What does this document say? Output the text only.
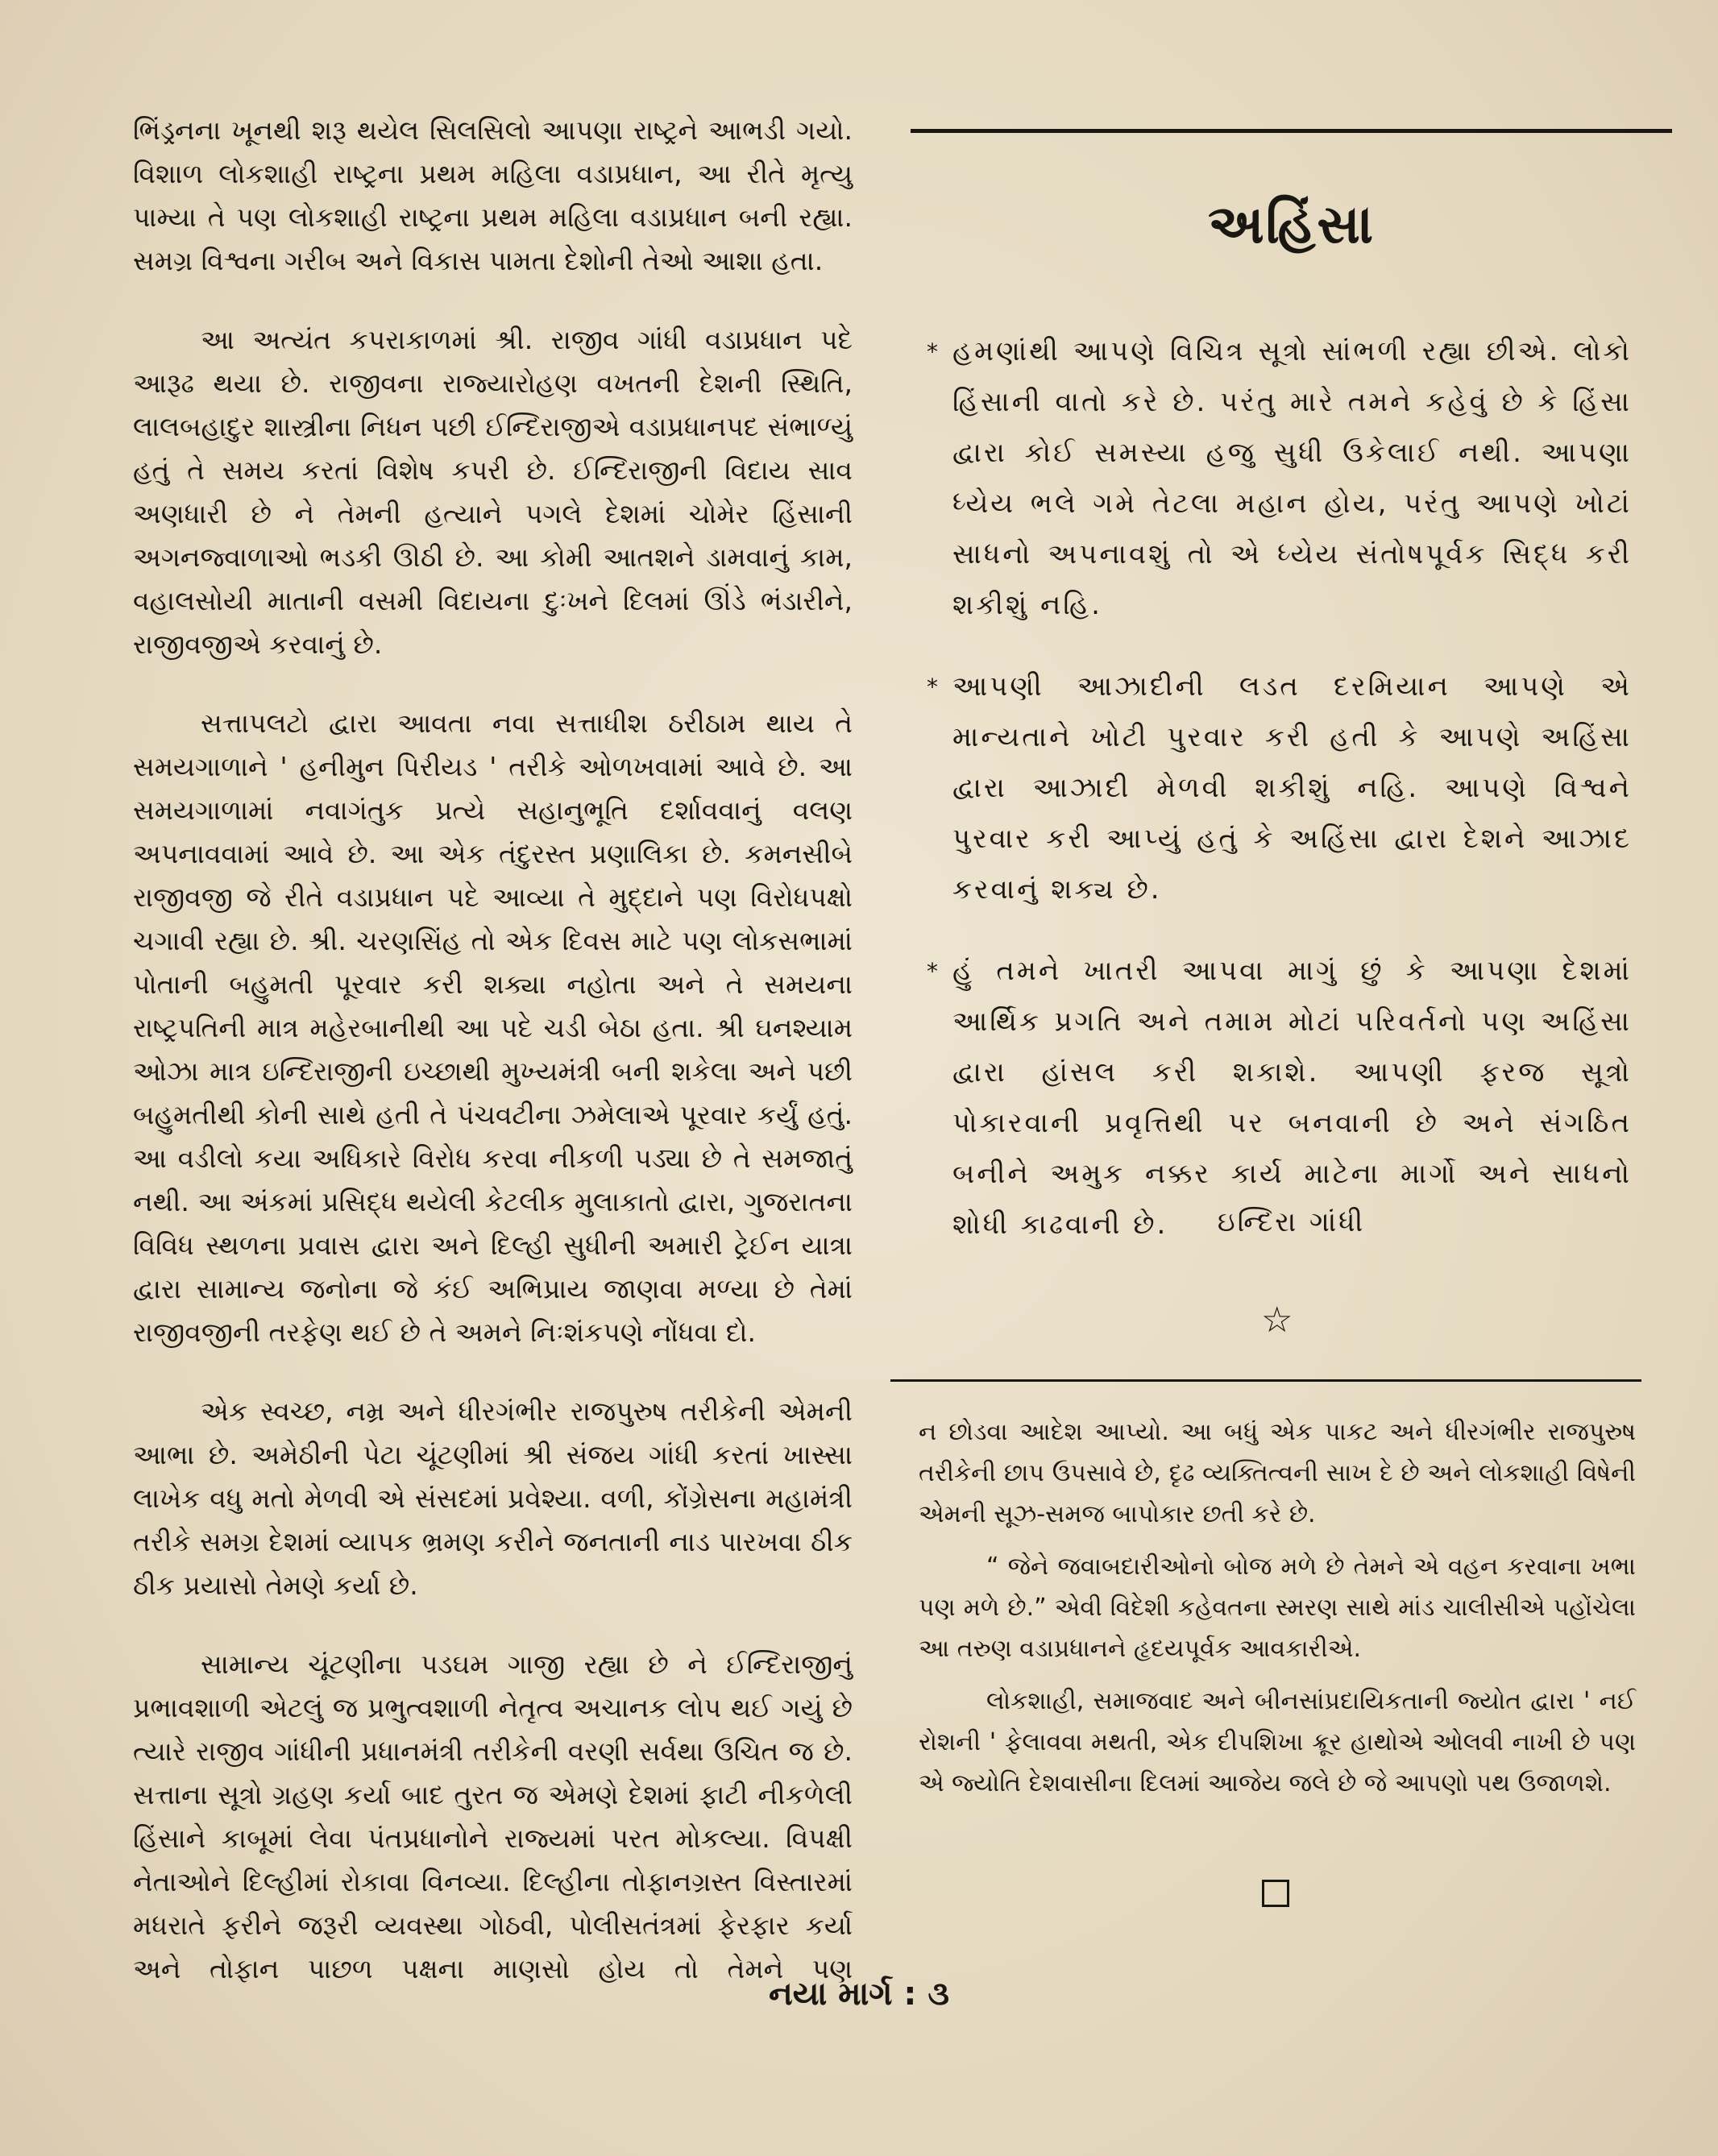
ભિંડ્રનના ખૂનથી શરૂ થયેલ સિલસિલો આપણા રાષ્ટ્રને આભડી ગયો. વિશાળ લોકશાહી રાષ્ટ્રના પ્રથમ મહિલા વડાપ્રધાન, આ રીતે મૃત્યુ પામ્યા તે પણ લોકશાહી રાષ્ટ્રના પ્રથમ મહિલા વડાપ્રધાન બની રહ્યા. સમગ્ર વિશ્વના ગરીબ અને વિકાસ પામતા દેશોની તેઓ આશા હતા.

આ અત્યંત કપરાકાળમાં શ્રી. રાજીવ ગાંધી વડાપ્રધાન પદે આરૂઢ થયા છે. રાજીવના રાજ્યારોહણ વખતની દેશની સ્થિતિ, લાલબહાદુર શાસ્ત્રીના નિધન પછી ઈન્દિરાજીએ વડાપ્રધાનપદ સંભાળ્યું હતું તે સમય કરતાં વિશેષ કપરી છે. ઈન્દિરાજીની વિદાય સાવ અણધારી છે ને તેમની હત્યાને પગલે દેશમાં ચોમેર હિંસાની અગનજ્વાળાઓ ભડકી ઊઠી છે. આ કોમી આતશને ડામવાનું કામ, વહાલસોયી માતાની વસમી વિદાયના દુઃખને દિલમાં ઊંડે ભંડારીને, રાજીવજીએ કરવાનું છે.

સત્તાપલટો દ્વારા આવતા નવા સત્તાધીશ ઠરીઠામ થાય તે સમયગાળાને ' હનીમુન પિરીયડ ' તરીકે ઓળખવામાં આવે છે. આ સમયગાળામાં નવાગંતુક પ્રત્યે સહાનુભૂતિ દર્શાવવાનું વલણ અપનાવવામાં આવે છે. આ એક તંદુરસ્ત પ્રણાલિકા છે. કમનસીબે રાજીવજી જે રીતે વડાપ્રધાન પદે આવ્યા તે મુદ્દાને પણ વિરોધપક્ષો ચગાવી રહ્યા છે. શ્રી. ચરણસિંહ તો એક દિવસ માટે પણ લોકસભામાં પોતાની બહુમતી પૂરવાર કરી શક્યા નહોતા અને તે સમયના રાષ્ટ્રપતિની માત્ર મહેરબાનીથી આ પદે ચડી બેઠા હતા. શ્રી ઘનશ્યામ ઓઝા માત્ર ઇન્દિરાજીની ઇચ્છાથી મુખ્યમંત્રી બની શકેલા અને પછી બહુમતીથી કોની સાથે હતી તે પંચવટીના ઝમેલાએ પૂરવાર કર્યું હતું. આ વડીલો કયા અધિકારે વિરોધ કરવા નીકળી પડ્યા છે તે સમજાતું નથી. આ અંકમાં પ્રસિદ્ધ થયેલી કેટલીક મુલાકાતો દ્વારા, ગુજરાતના વિવિધ સ્થળના પ્રવાસ દ્વારા અને દિલ્હી સુધીની અમારી ટ્રેઈન યાત્રા દ્વારા સામાન્ય જનોના જે કંઈ અભિપ્રાય જાણવા મળ્યા છે તેમાં રાજીવજીની તરફેણ થઈ છે તે અમને નિઃશંકપણે નોંધવા દો.

એક સ્વચ્છ, નમ્ર અને ધીરગંભીર રાજપુરુષ તરીકેની એમની આભા છે. અમેઠીની પેટા ચૂંટણીમાં શ્રી સંજય ગાંધી કરતાં ખાસ્સા લાખેક વધુ મતો મેળવી એ સંસદમાં પ્રવેશ્યા. વળી, કોંગ્રેસના મહામંત્રી તરીકે સમગ્ર દેશમાં વ્યાપક ભ્રમણ કરીને જનતાની નાડ પારખવા ઠીક ઠીક પ્રયાસો તેમણે કર્યા છે.

સામાન્ય ચૂંટણીના પડઘમ ગાજી રહ્યા છે ને ઈન્દિરાજીનું પ્રભાવશાળી એટલું જ પ્રભુત્વશાળી નેતૃત્વ અચાનક લોપ થઈ ગયું છે ત્યારે રાજીવ ગાંધીની પ્રધાનમંત્રી તરીકેની વરણી સર્વથા ઉચિત જ છે. સત્તાના સૂત્રો ગ્રહણ કર્યા બાદ તુરત જ એમણે દેશમાં ફાટી નીકળેલી હિંસાને કાબૂમાં લેવા પંતપ્રધાનોને રાજ્યમાં પરત મોકલ્યા. વિપક્ષી નેતાઓને દિલ્હીમાં રોકાવા વિનવ્યા. દિલ્હીના તોફાનગ્રસ્ત વિસ્તારમાં મધરાતે ફરીને જરૂરી વ્યવસ્થા ગોઠવી, પોલીસતંત્રમાં ફેરફાર કર્યા અને તોફાન પાછળ પક્ષના માણસો હોય તો તેમને પણ

અહિંસા
* હમણાંથી આપણે વિચિત્ર સૂત્રો સાંભળી રહ્યા છીએ. લોકો હિંસાની વાતો કરે છે. પરંતુ મારે તમને કહેવું છે કે હિંસા દ્વારા કોઈ સમસ્યા હજુ સુધી ઉકેલાઈ નથી. આપણા ધ્યેય ભલે ગમે તેટલા મહાન હોય, પરંતુ આપણે ખોટાં સાધનો અપનાવશું તો એ ધ્યેય સંતોષપૂર્વક સિદ્ધ કરી શકીશું નહિ.
* આપણી આઝાદીની લડત દરમિયાન આપણે એ માન્યતાને ખોટી પુરવાર કરી હતી કે આપણે અહિંસા દ્વારા આઝાદી મેળવી શકીશું નહિ. આપણે વિશ્વને પુરવાર કરી આપ્યું હતું કે અહિંસા દ્વારા દેશને આઝાદ કરવાનું શક્ય છે.
* હું તમને ખાતરી આપવા માગું છું કે આપણા દેશમાં આર્થિક પ્રગતિ અને તમામ મોટાં પરિવર્તનો પણ અહિંસા દ્વારા હાંસલ કરી શકાશે. આપણી ફરજ સૂત્રો પોકારવાની પ્રવૃત્તિથી પર બનવાની છે અને સંગઠિત બનીને અમુક નક્કર કાર્ય માટેના માર્ગો અને સાધનો શોધી કાઢવાની છે.	ઇન્દિરા ગાંધી
☆

ન છોડવા આદેશ આપ્યો. આ બધું એક પાકટ અને ધીરગંભીર રાજપુરુષ તરીકેની છાપ ઉપસાવે છે, દૃઢ વ્યક્તિત્વની સાખ દે છે અને લોકશાહી વિષેની એમની સૂઝ-સમજ બાપોકાર છતી કરે છે.

“ જેને જવાબદારીઓનો બોજ મળે છે તેમને એ વહન કરવાના ખભા પણ મળે છે.” એવી વિદેશી કહેવતના સ્મરણ સાથે માંડ ચાલીસીએ પહોંચેલા આ તરુણ વડાપ્રધાનને હૃદયપૂર્વક આવકારીએ.

લોકશાહી, સમાજવાદ અને બીનસાંપ્રદાયિકતાની જ્યોત દ્વારા ' નઈ રોશની ' ફેલાવવા મથતી, એક દીપશિખા ક્રૂર હાથોએ ઓલવી નાખી છે પણ એ જ્યોતિ દેશવાસીના દિલમાં આજેય જલે છે જે આપણો પથ ઉજાળશે.

નયા માર્ગ : ૩
